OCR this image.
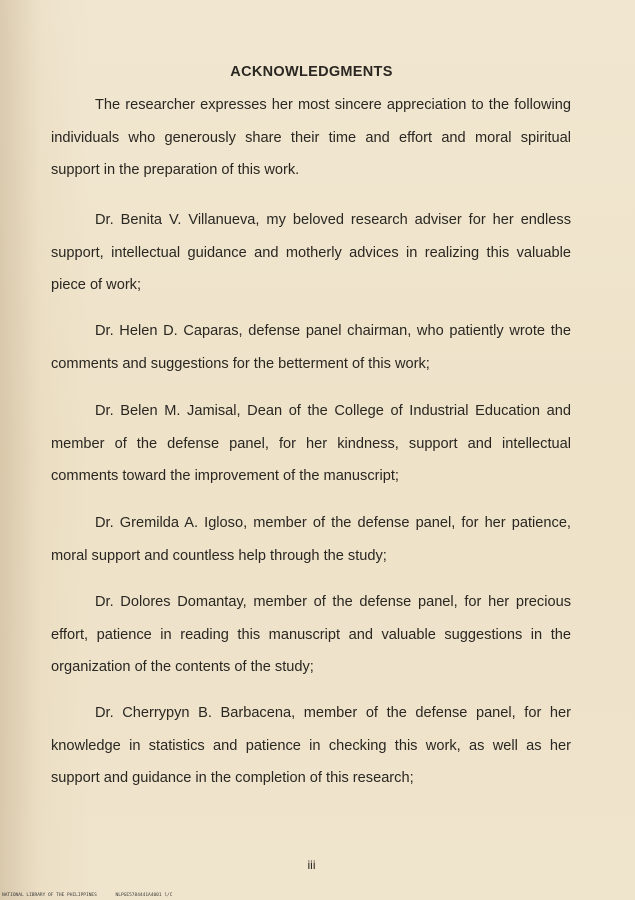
ACKNOWLEDGMENTS

The researcher expresses her most sincere appreciation to the following individuals who generously share their time and effort and moral spiritual support in the preparation of this work.

Dr. Benita V. Villanueva, my beloved research adviser for her endless support, intellectual guidance and motherly advices in realizing this valuable piece of work;

Dr. Helen D. Caparas, defense panel chairman, who patiently wrote the comments and suggestions for the betterment of this work;

Dr. Belen M. Jamisal, Dean of the College of Industrial Education and member of the defense panel, for her kindness, support and intellectual comments toward the improvement of the manuscript;

Dr. Gremilda A. Igloso, member of the defense panel, for her patience, moral support and countless help through the study;

Dr. Dolores Domantay, member of the defense panel, for her precious effort, patience in reading this manuscript and valuable suggestions in the organization of the contents of the study;

Dr. Cherrypyn B. Barbacena, member of the defense panel, for her knowledge in statistics and patience in checking this work, as well as her support and guidance in the completion of this research;

iii
NATIONAL LIBRARY OF THE PHILIPPINES	NLPGE5784441A4001 l/C
